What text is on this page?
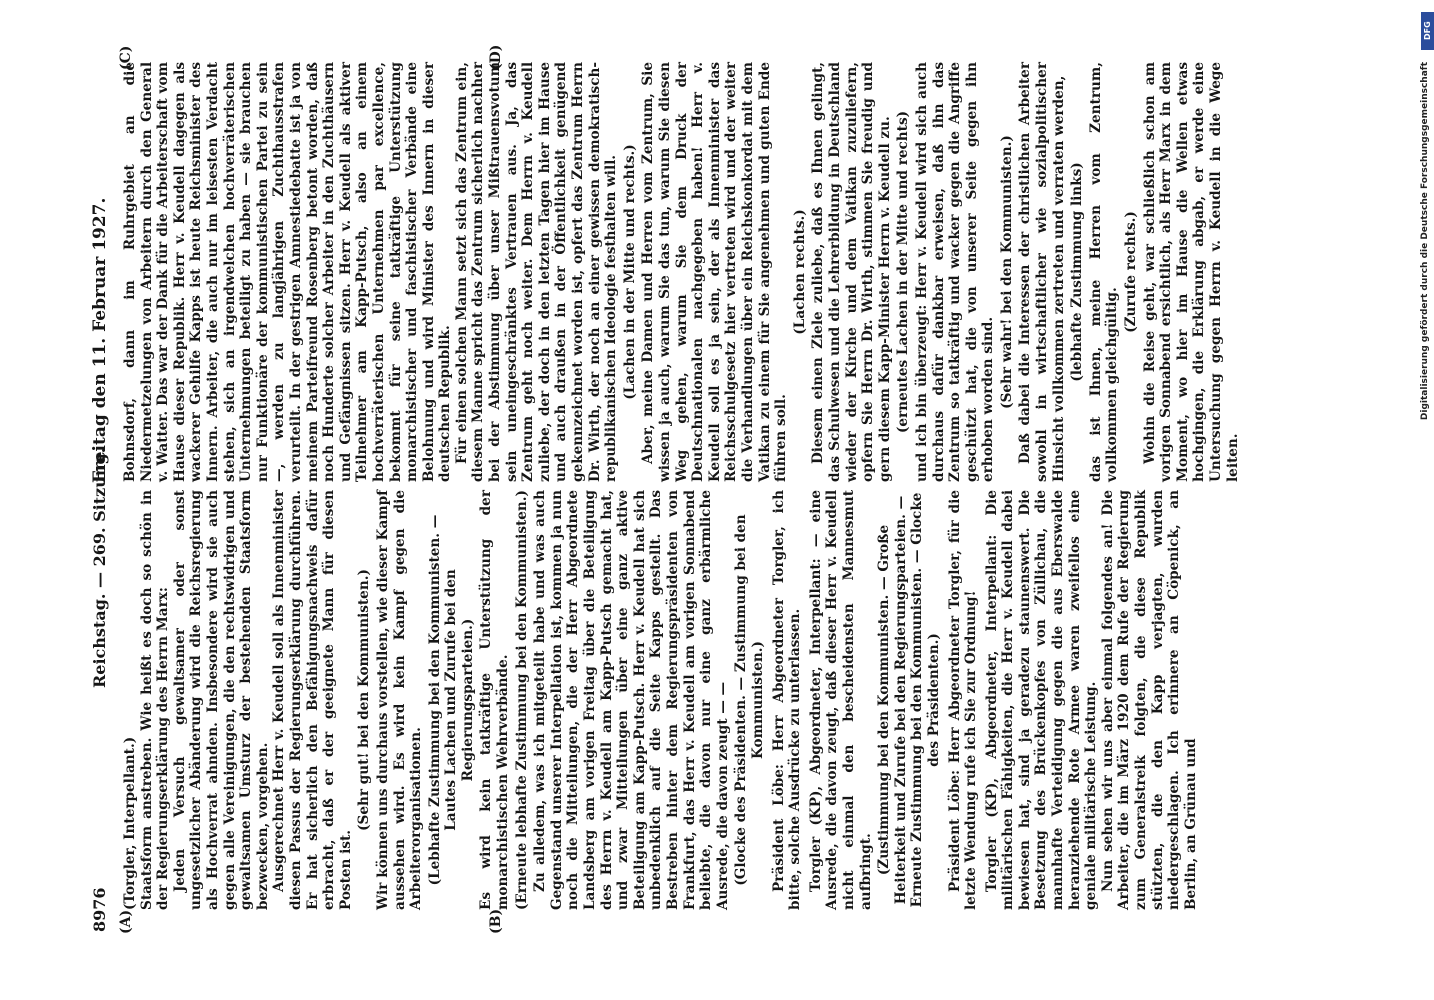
8976
Reichstag. — 269. Sitzung.
Freitag den 11. Februar 1927.
(A)	(B)
(C)	(D)

(Torgler, Interpellant.) Staatsform anstreben. Wie heißt es doch so schön in der Regierungserklärung des Herrn Marx: Jeden Versuch gewaltsamer oder sonst ungesetzlicher Abänderung wird die Reichsregierung als Hochverrat ahnden. Insbesondere wird sie auch gegen alle Vereinigungen, die den rechtswidrigen und gewaltsamen Umsturz der bestehenden Staatsform bezwecken, vorgehen. Ausgerechnet Herr v. Keudell soll als Innenminister diesen Passus der Regierungserklärung durchführen. Er hat sicherlich den Befähigungsnachweis dafür erbracht, daß er der geeignete Mann für diesen Posten ist.

(Sehr gut! bei den Kommunisten.) Wir können uns durchaus vorstellen, wie dieser Kampf aussehen wird. Es wird kein Kampf gegen die Arbeiterorganisationen. (Lebhafte Zustimmung bei den Kommunisten. — Lautes Lachen und Zurufe bei den Regierungsparteien.) Es wird kein tatkräftige Unterstützung der monarchistischen Wehrverbände. (Erneute lebhafte Zustimmung bei den Kommunisten.) Zu alledem, was ich mitgeteilt habe und was auch Gegenstand unserer Interpellation ist, kommen ja nun noch die Mitteilungen, die der Herr Abgeordnete Landsberg am vorigen Freitag über die Beteiligung des Herrn v. Keudell am Kapp-Putsch gemacht hat, und zwar Mitteilungen über eine ganz aktive Beteiligung am Kapp-Putsch. Herr v. Keudell hat sich unbedenklich auf die Seite Kapps gestellt. Das Bestreben hinter dem Regierungspräsidenten von Frankfurt, das Herr v. Keudell am vorigen Sonnabend beliebte, die davon nur eine ganz erbärmliche Ausrede, die davon zeugt — — (Glocke des Präsidenten. — Zustimmung bei den Kommunisten.) Präsident Löbe: Herr Abgeordneter Torgler, ich bitte, solche Ausdrücke zu unterlassen. Torgler (KP), Abgeordneter, Interpellant: — eine Ausrede, die davon zeugt, daß dieser Herr v. Keudell nicht einmal den bescheidensten Mannesmut aufbringt. (Zustimmung bei den Kommunisten. — Große Heiterkeit und Zurufe bei den Regierungsparteien. — Erneute Zustimmung bei den Kommunisten. — Glocke des Präsidenten.) Präsident Löbe: Herr Abgeordneter Torgler, für die letzte Wendung rufe ich Sie zur Ordnung! Torgler (KP), Abgeordneter, Interpellant: Die militärischen Fähigkeiten, die Herr v. Keudell dabei bewiesen hat, sind ja geradezu staunenswert. Die Besetzung des Brückenkopfes von Züllichau, die mannhafte Verteidigung gegen die aus Eberswalde heranziehende Rote Armee waren zweifellos eine geniale militärische Leistung. Nun sehen wir uns aber einmal folgendes an! Die Arbeiter, die im März 1920 dem Rufe der Regierung zum Generalstreik folgten, die diese Republik stützten, die den Kapp verjagten, wurden niedergeschlagen. Ich erinnere an Cöpenick, an Berlin, an Grünau und

Bohnsdorf, dann im Ruhrgebiet an die Niedermetzelungen von Arbeitern durch den General v. Watter. Das war der Dank für die Arbeiterschaft vom Hause dieser Republik. Herr v. Keudell dagegen als wackerer Gehilfe Kapps ist heute Reichsminister des Innern. Arbeiter, die auch nur im leisesten Verdacht stehen, sich an irgendwelchen hochverräterischen Unternehmungen beteiligt zu haben — sie brauchen nur Funktionäre der kommunistischen Partei zu sein —, werden zu langjährigen Zuchthausstrafen verurteilt. In der gestrigen Amnestiedebatte ist ja von meinem Parteifreund Rosenberg betont worden, daß noch Hunderte solcher Arbeiter in den Zuchthäusern und Gefängnissen sitzen. Herr v. Keudell als aktiver Teilnehmer am Kapp-Putsch, also an einem hochverräterischen Unternehmen par excellence, bekommt für seine tatkräftige Unterstützung monarchistischer und faschistischer Verbände eine Belohnung und wird Minister des Innern in dieser deutschen Republik. Für einen solchen Mann setzt sich das Zentrum ein, diesem Manne spricht das Zentrum sicherlich nachher bei der Abstimmung über unser Mißtrauensvotum sein uneingeschränktes Vertrauen aus. Ja, das Zentrum geht noch weiter. Dem Herrn v. Keudell zuliebe, der doch in den letzten Tagen hier im Hause und auch draußen in der Öffentlichkeit genügend gekennzeichnet worden ist, opfert das Zentrum Herrn Dr. Wirth, der noch an einer gewissen demokratisch-republikanischen Ideologie festhalten will. (Lachen in der Mitte und rechts.) Aber, meine Damen und Herren vom Zentrum, Sie wissen ja auch, warum Sie das tun, warum Sie diesen Weg gehen, warum Sie dem Druck der Deutschnationalen nachgegeben haben! Herr v. Keudell soll es ja sein, der als Innenminister das Reichsschulgesetz hier vertreten wird und der weiter die Verhandlungen über ein Reichskonkordat mit dem Vatikan zu einem für Sie angenehmen und guten Ende führen soll.

(Lachen rechts.) Diesem einen Ziele zuliebe, daß es Ihnen gelingt, das Schulwesen und die Lehrerbildung in Deutschland wieder der Kirche und dem Vatikan zuzuliefern, opfern Sie Herrn Dr. Wirth, stimmen Sie freudig und gern diesem Kapp-Minister Herrn v. Keudell zu. (erneutes Lachen in der Mitte und rechts) und ich bin überzeugt: Herr v. Keudell wird sich auch durchaus dafür dankbar erweisen, daß ihn das Zentrum so tatkräftig und wacker gegen die Angriffe geschützt hat, die von unserer Seite gegen ihn erhoben worden sind. (Sehr wahr! bei den Kommunisten.) Daß dabei die Interessen der christlichen Arbeiter sowohl in wirtschaftlicher wie sozialpolitischer Hinsicht vollkommen zertreten und verraten werden, (lebhafte Zustimmung links) das ist Ihnen, meine Herren vom Zentrum, vollkommen gleichgültig.

(Zurufe rechts.) Wohin die Reise geht, war schließlich schon am vorigen Sonnabend ersichtlich, als Herr Marx in dem Moment, wo hier im Hause die Wellen etwas hochgingen, die Erklärung abgab, er werde eine Untersuchung gegen Herrn v. Keudell in die Wege leiten.

DFG
Digitalisierung gefördert durch die Deutsche Forschungsgemeinschaft
